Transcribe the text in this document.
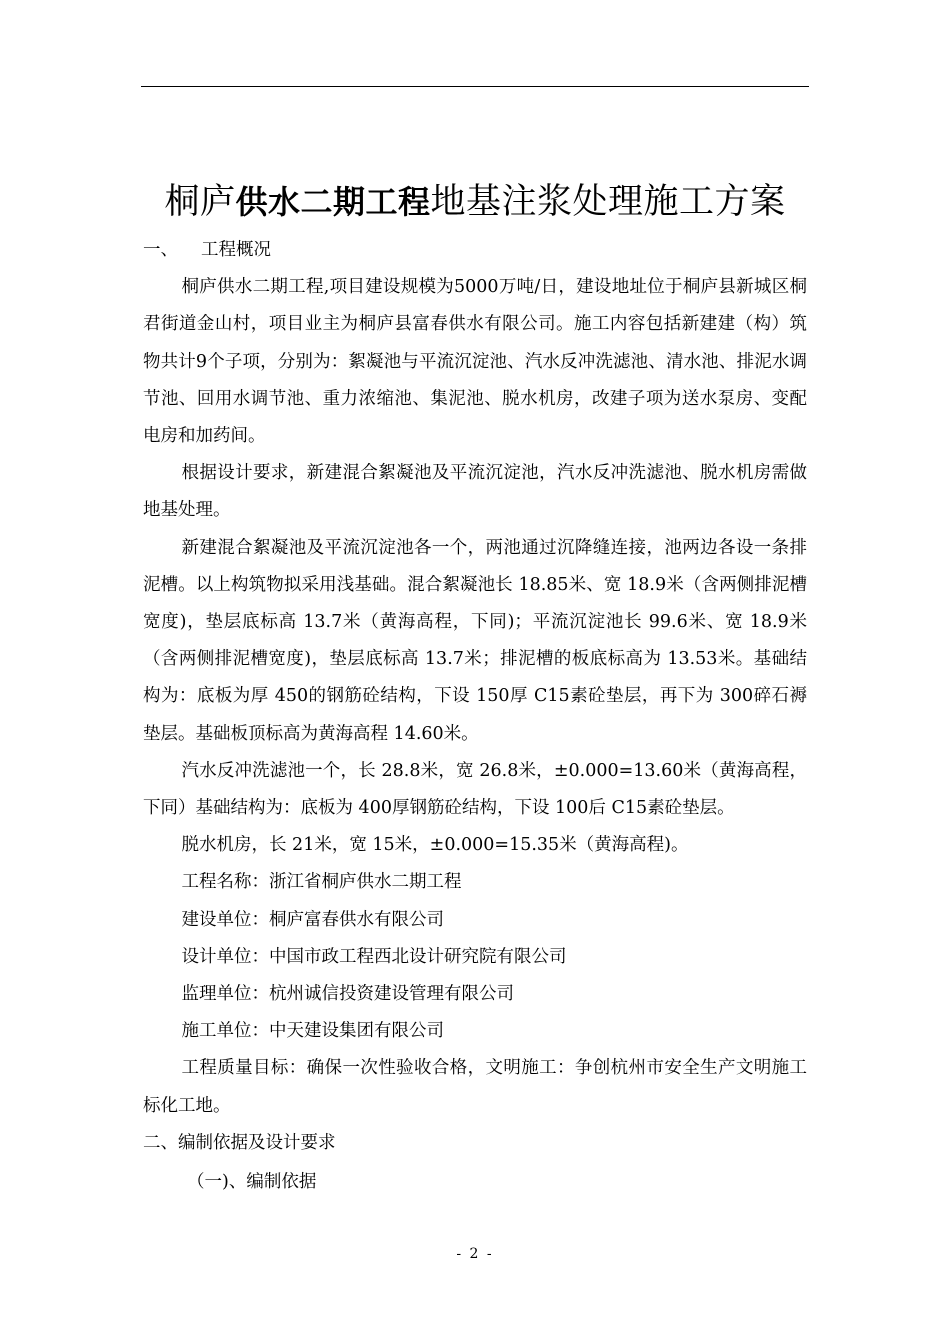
桐庐供水二期工程地基注浆处理施工方案

一、 工程概况

桐庐供水二期工程,项目建设规模为5000万吨/日，建设地址位于桐庐县新城区桐君街道金山村，项目业主为桐庐县富春供水有限公司。施工内容包括新建建（构）筑物共计9个子项，分别为：絮凝池与平流沉淀池、汽水反冲洗滤池、清水池、排泥水调节池、回用水调节池、重力浓缩池、集泥池、脱水机房，改建子项为送水泵房、变配电房和加药间。

根据设计要求，新建混合絮凝池及平流沉淀池，汽水反冲洗滤池、脱水机房需做地基处理。

新建混合絮凝池及平流沉淀池各一个，两池通过沉降缝连接，池两边各设一条排泥槽。以上构筑物拟采用浅基础。混合絮凝池长 18.85米、宽 18.9米（含两侧排泥槽宽度)，垫层底标高 13.7米（黄海高程，下同)；平流沉淀池长 99.6米、宽 18.9米（含两侧排泥槽宽度)，垫层底标高 13.7米；排泥槽的板底标高为 13.53米。基础结构为：底板为厚 450的钢筋砼结构，下设 150厚 C15素砼垫层，再下为 300碎石褥垫层。基础板顶标高为黄海高程 14.60米。

汽水反冲洗滤池一个，长 28.8米，宽 26.8米，±0.000=13.60米（黄海高程，下同）基础结构为：底板为 400厚钢筋砼结构，下设 100后 C15素砼垫层。

脱水机房，长 21米，宽 15米，±0.000=15.35米（黄海高程)。

工程名称：浙江省桐庐供水二期工程

建设单位：桐庐富春供水有限公司

设计单位：中国市政工程西北设计研究院有限公司

监理单位：杭州诚信投资建设管理有限公司

施工单位：中天建设集团有限公司

工程质量目标：确保一次性验收合格，文明施工：争创杭州市安全生产文明施工标化工地。

二、编制依据及设计要求

（一)、编制依据

- 2 -
